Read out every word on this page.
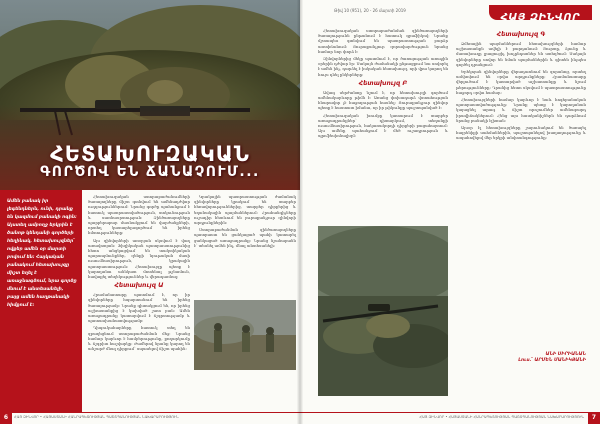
ՀԵՏԱԽՈՒԶԱԿԱՆ
ԳՈՐԾՈՎ ԵՆ ՃԱՆԱՉՈՒՄ...

Ամեն բանակ իր լեգենդներն, ունի, դրանք են կազմում բանակի ոգին։ Այստեղ ամբողջ երկրին է ծանոթ կենդանի գործերի հեղինակ, հետախույզներ՝ ովքեր ամեն օր մարտի բովում են։ Հայկական բանակում հետախույզը միշտ եղել է առաջնագծում, նրա գործը մնում է անտեսանելի, բայց ամեն հաղթանակի հիմքում է։

Հետախուզական ստորաբաժանումների ծառայողները միշտ գտնվում են ամենադժվար ուղղություններում։ Նրանց գործը պահանջում է հատուկ պատրաստվածություն, տոկունություն և սառնասրտություն։ Զինծառայողները պարբերաբար մասնակցում են վարժանքների, որտեղ կատարելագործում են իրենց հմտությունները։

Այս զինվորների առօրյան սկսվում է վաղ առավոտյան։ Ֆիզիկական պատրաստությունից հետո անցկացվում են տակտիկական պարապմունքներ, զենքի նյութական մասի ուսումնասիրություն, կրակային պատրաստություն։ Հետախույզը պետք է կարողանա աննկատ մոտենալ թշնամուն, հավաքել տեղեկություններ և վերադառնալ։

Հետախույզ Ա

Հրամանատարը պատմում է, որ իր զինվորները հպարտանում են իրենց ծառայությամբ։ Նրանք գիտակցում են, որ իրենց աշխատանքից է կախված շատ բան։ Ամեն առաջադրանք կատարվում է ճշգրտությամբ և պատասխանատվությամբ։

Դիպուկահարները հատուկ տեղ են զբաղեցնում ստորաբաժանման մեջ։ Նրանց համար կարևոր է համբերությունը, քողարկումը և ճշգրիտ հաշվարկը։ Ժամերով նրանք կարող են անշարժ մնալ դիրքում՝ սպասելով ճիշտ պահին։

Կրակային պատրաստության ժամանակ զինվորները կրակում են տարբեր հեռավորություններից, տարբեր դիրքերից և եղանակային պայմաններում։ Հրահանգիչները ուշադիր հետևում են յուրաքանչյուր զինվորի արդյունքներին։

Ստորաբաժանման զինծառայողները պատրաստ են ցանկացած պահի կատարել ցանկացած առաջադրանք։ Նրանց նշանաբանն է՝ տեսնել ամեն ինչ, մնալ անտեսանելի։

6	ՀԱՅ ԶԻՆՎՈՐ • ՀԱՅԱՍՏԱՆԻ ՀԱՆՐԱՊԵՏՈՒԹՅԱՆ ՊԱՇՏՊԱՆՈՒԹՅԱՆ ՆԱԽԱՐԱՐՈՒԹՅՈՒՆ
Թիվ 10 (951), 20 - 26 մարտի 2019
ՀԱՅ ԶԻՆՎՈՐ

Հետախուզական ստորաբաժանման զինծառայողների ծառայությունն ընթանում է հատուկ գրաֆիկով։ Նրանք մշտապես գտնվում են պատրաստության բարձր աստիճանում։ Յուրաքանչյուր զորավարժություն նրանց համար նոր փորձ է։

Զինվորներից մեկը պատմում է, որ ծառայության առաջին օրերին դժվար էր։ Սակայն ժամանակի ընթացքում նա սովորել է ամեն ինչ, դարձել է իսկական հետախույզ, որի վրա կարող են հույս դնել ընկերները։

Հետախույզ Բ

Ավագ սերժանտը նշում է, որ հետախույզի գործում ամենակարևորը թիմն է։ Առանց փոխադարձ վստահության հնարավոր չէ հաջողության հասնել։ Յուրաքանչյուր զինվոր պետք է հաստատ իմանա, որ իր թիկունքը պաշտպանված է։

Հետախուզական խումբը կատարում է տարբեր առաջադրանքներ՝ դիտարկում, տեղանքի ուսումնասիրություն, հակառակորդի դիրքերի բացահայտում։ Այս ամենը պահանջում է մեծ ուշադրություն և պրոֆեսիոնալիզմ։

Հետախույզ Գ

Ձմեռային պայմաններում հետախույզների համար աշխատանքն ավելի է բարդանում։ Ցուրտը, ձյունը և մառախուղը լրացուցիչ խոչընդոտներ են ստեղծում։ Սակայն զինվորները սովոր են նման պայմաններին և գիտեն ինչպես գործել դրանցում։

Երեկոյան զինվորները վերադառնում են զորանոց, որտեղ ամփոփում են օրվա արդյունքները։ Հրամանատարը վերլուծում է կատարված աշխատանքը և նշում թերությունները։ Դրանից հետո սկսվում է պատրաստությունը հաջորդ օրվա համար։

Հետախույզների համար կարևոր է նաև հոգեբանական պատրաստվածությունը։ Նրանք պետք է կարողանան կայացնել արագ և ճիշտ որոշումներ ամենաբարդ իրավիճակներում։ Հենց այս հատկանիշներն են դարձնում նրանց բանակի էլիտան։

Այսօր էլ հետախույզները շարունակում են ծառայել հայրենիքի սահմաններին, պաշտպանելով խաղաղությունը և ապահովելով մեր երկրի անվտանգությունը։

ԱՆԻ ՍԻՐԻԱՆԱՆ
Լուս.՝ ԱՐՄԵՆ ՄԱՆԻԿՅԱՆԻ
ՀԱՅ ԶԻՆՎՈՐ • ՀԱՅԱՍՏԱՆԻ ՀԱՆՐԱՊԵՏՈՒԹՅԱՆ ՊԱՇՏՊԱՆՈՒԹՅԱՆ ՆԱԽԱՐԱՐՈՒԹՅՈՒՆ	7
